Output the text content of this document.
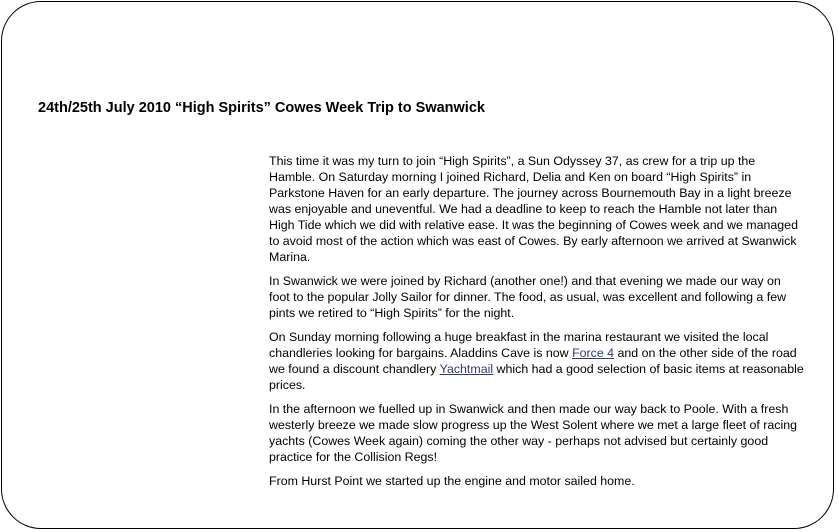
24th/25th July 2010 “High Spirits” Cowes Week Trip to Swanwick

This time it was my turn to join “High Spirits”, a Sun Odyssey 37, as crew for a trip up the Hamble. On Saturday morning I joined Richard, Delia and Ken on board “High Spirits” in Parkstone Haven for an early departure. The journey across Bournemouth Bay in a light breeze was enjoyable and uneventful. We had a deadline to keep to reach the Hamble not later than High Tide which we did with relative ease. It was the beginning of Cowes week and we managed to avoid most of the action which was east of Cowes. By early afternoon we arrived at Swanwick Marina.

In Swanwick we were joined by Richard (another one!) and that evening we made our way on foot to the popular Jolly Sailor for dinner. The food, as usual, was excellent and following a few pints we retired to “High Spirits” for the night.

On Sunday morning following a huge breakfast in the marina restaurant we visited the local chandleries looking for bargains. Aladdins Cave is now Force 4 and on the other side of the road we found a discount chandlery Yachtmail which had a good selection of basic items at reasonable prices.

In the afternoon we fuelled up in Swanwick and then made our way back to Poole. With a fresh westerly breeze we made slow progress up the West Solent where we met a large fleet of racing yachts (Cowes Week again) coming the other way - perhaps not advised but certainly good practice for the Collision Regs!

From Hurst Point we started up the engine and motor sailed home.
